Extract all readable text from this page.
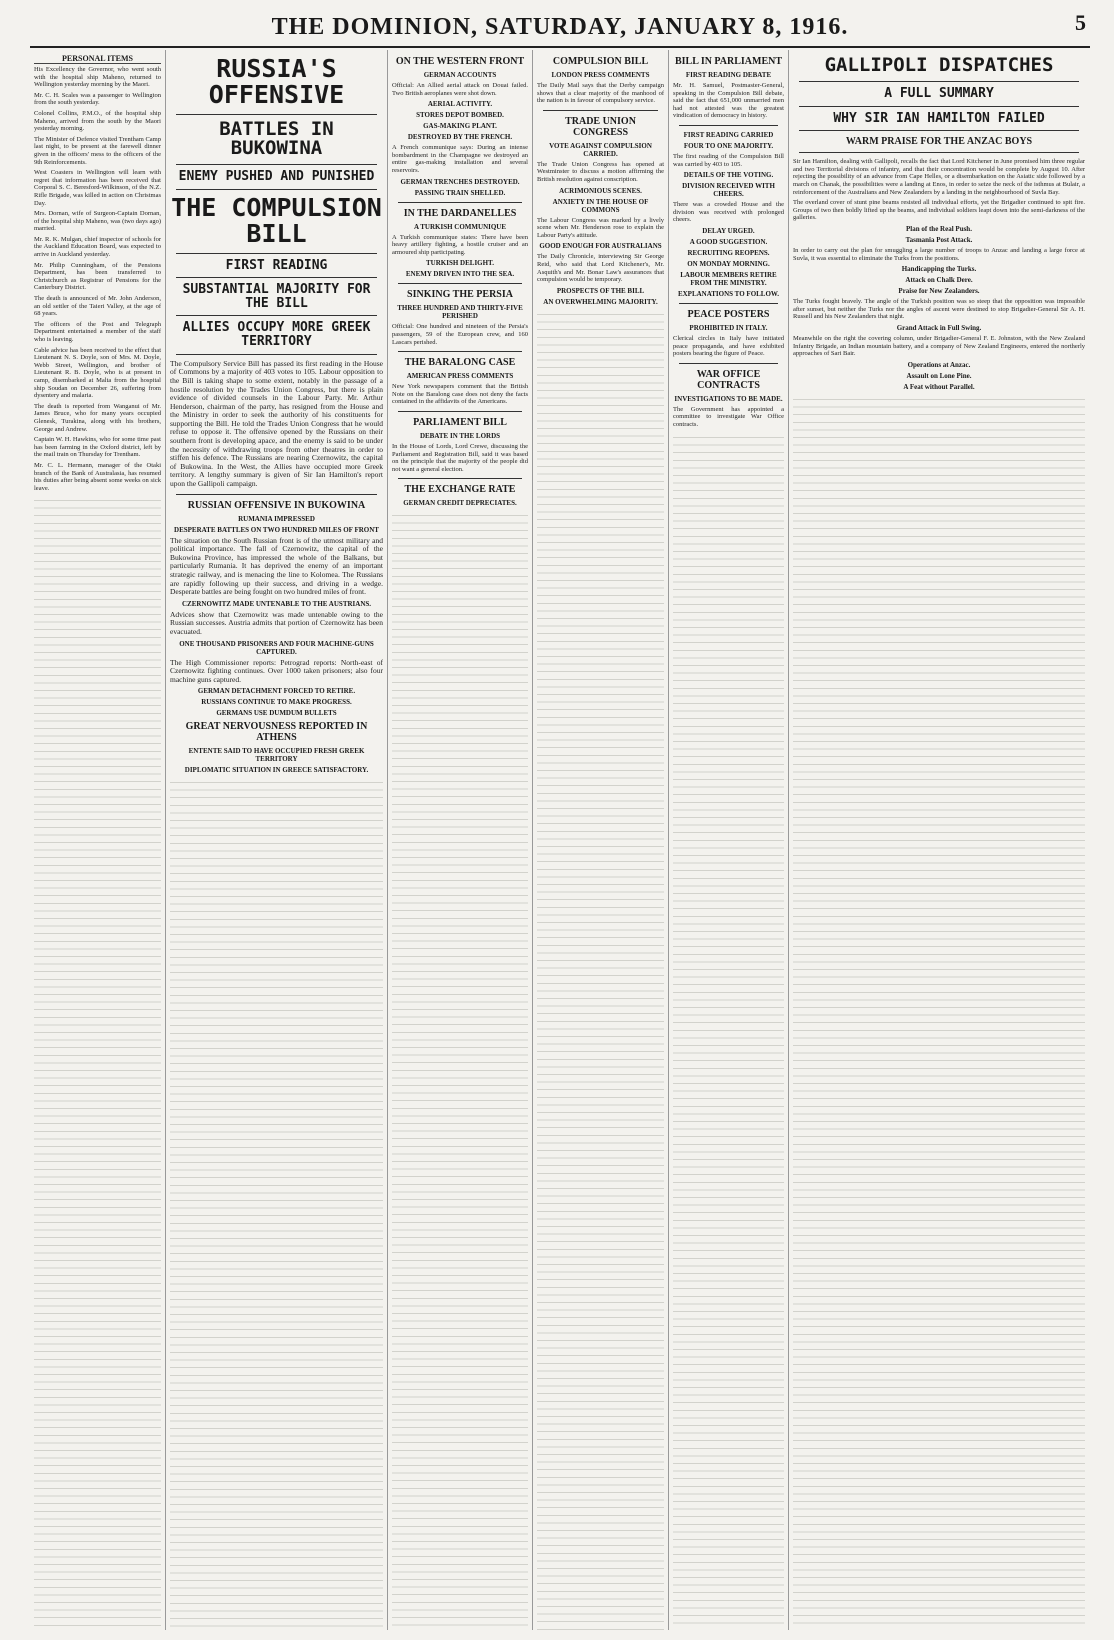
THE DOMINION, SATURDAY, JANUARY 8, 1916.	5
PERSONAL ITEMS

His Excellency the Governor, who went south with the hospital ship Maheno, returned to Wellington yesterday morning by the Maori.

Mr. C. H. Scales was a passenger to Wellington from the south yesterday.

Colonel Collins, P.M.O., of the hospital ship Maheno, arrived from the south by the Maori yesterday morning.

The Minister of Defence visited Trentham Camp last night, to be present at the farewell dinner given in the officers' mess to the officers of the 9th Reinforcements.

West Coasters in Wellington will learn with regret that information has been received that Corporal S. C. Beresford-Wilkinson, of the N.Z. Rifle Brigade, was killed in action on Christmas Day.

Mrs. Dornan, wife of Surgeon-Captain Dornan, of the hospital ship Maheno, was (two days ago) married.

Mr. R. K. Mulgan, chief inspector of schools for the Auckland Education Board, was expected to arrive in Auckland yesterday.

Mr. Philip Cunningham, of the Pensions Department, has been transferred to Christchurch as Registrar of Pensions for the Canterbury District.

The death is announced of Mr. John Anderson, an old settler of the Taieri Valley, at the age of 68 years.

The officers of the Post and Telegraph Department entertained a member of the staff who is leaving.

Cable advice has been received to the effect that Lieutenant N. S. Doyle, son of Mrs. M. Doyle, Webb Street, Wellington, and brother of Lieutenant R. B. Doyle, who is at present in camp, disembarked at Malta from the hospital ship Soudan on December 26, suffering from dysentery and malaria.

The death is reported from Wanganui of Mr. James Bruce, who for many years occupied Glenesk, Turakina, along with his brothers, George and Andrew.

Captain W. H. Hawkins, who for some time past has been farming in the Oxford district, left by the mail train on Thursday for Trentham.

Mr. C. L. Hermann, manager of the Otaki branch of the Bank of Australasia, has resumed his duties after being absent some weeks on sick leave.

RUSSIA'S OFFENSIVE
BATTLES IN BUKOWINA
ENEMY PUSHED AND PUNISHED
THE COMPULSION BILL
FIRST READING
SUBSTANTIAL MAJORITY FOR THE BILL
ALLIES OCCUPY MORE GREEK TERRITORY

The Compulsory Service Bill has passed its first reading in the House of Commons by a majority of 403 votes to 105. Labour opposition to the Bill is taking shape to some extent, notably in the passage of a hostile resolution by the Trades Union Congress, but there is plain evidence of divided counsels in the Labour Party. Mr. Arthur Henderson, chairman of the party, has resigned from the House and the Ministry in order to seek the authority of his constituents for supporting the Bill. He told the Trades Union Congress that he would refuse to oppose it. The offensive opened by the Russians on their southern front is developing apace, and the enemy is said to be under the necessity of withdrawing troops from other theatres in order to stiffen his defence. The Russians are nearing Czernowitz, the capital of Bukowina. In the West, the Allies have occupied more Greek territory. A lengthy summary is given of Sir Ian Hamilton's report upon the Gallipoli campaign.

RUSSIAN OFFENSIVE IN BUKOWINA
RUMANIA IMPRESSED
DESPERATE BATTLES ON TWO HUNDRED MILES OF FRONT

The situation on the South Russian front is of the utmost military and political importance. The fall of Czernowitz, the capital of the Bukowina Province, has impressed the whole of the Balkans, but particularly Rumania. It has deprived the enemy of an important strategic railway, and is menacing the line to Kolomea. The Russians are rapidly following up their success, and driving in a wedge. Desperate battles are being fought on two hundred miles of front.

CZERNOWITZ MADE UNTENABLE TO THE AUSTRIANS.

Advices show that Czernowitz was made untenable owing to the Russian successes. Austria admits that portion of Czernowitz has been evacuated.

ONE THOUSAND PRISONERS AND FOUR MACHINE-GUNS CAPTURED.

The High Commissioner reports: Petrograd reports: North-east of Czernowitz fighting continues. Over 1000 taken prisoners; also four machine guns captured.

GERMAN DETACHMENT FORCED TO RETIRE.
RUSSIANS CONTINUE TO MAKE PROGRESS.
GERMANS USE DUMDUM BULLETS
GREAT NERVOUSNESS REPORTED IN ATHENS
ENTENTE SAID TO HAVE OCCUPIED FRESH GREEK TERRITORY
DIPLOMATIC SITUATION IN GREECE SATISFACTORY.
ON THE WESTERN FRONT
GERMAN ACCOUNTS

Official: An Allied aerial attack on Douai failed. Two British aeroplanes were shot down.

AERIAL ACTIVITY.
STORES DEPOT BOMBED.
GAS-MAKING PLANT.
DESTROYED BY THE FRENCH.

A French communique says: During an intense bombardment in the Champagne we destroyed an entire gas-making installation and several reservoirs.

GERMAN TRENCHES DESTROYED.
PASSING TRAIN SHELLED.
IN THE DARDANELLES
A TURKISH COMMUNIQUE

A Turkish communique states: There have been heavy artillery fighting, a hostile cruiser and an armoured ship participating.

TURKISH DELIGHT.
ENEMY DRIVEN INTO THE SEA.
SINKING THE PERSIA
THREE HUNDRED AND THIRTY-FIVE PERISHED

Official: One hundred and nineteen of the Persia's passengers, 59 of the European crew, and 160 Lascars perished.

THE BARALONG CASE
AMERICAN PRESS COMMENTS

New York newspapers comment that the British Note on the Baralong case does not deny the facts contained in the affidavits of the Americans.

PARLIAMENT BILL
DEBATE IN THE LORDS

In the House of Lords, Lord Crewe, discussing the Parliament and Registration Bill, said it was based on the principle that the majority of the people did not want a general election.

THE EXCHANGE RATE
GERMAN CREDIT DEPRECIATES.
COMPULSION BILL
LONDON PRESS COMMENTS

The Daily Mail says that the Derby campaign shows that a clear majority of the manhood of the nation is in favour of compulsory service.

TRADE UNION CONGRESS
VOTE AGAINST COMPULSION CARRIED.

The Trade Union Congress has opened at Westminster to discuss a motion affirming the British resolution against conscription.

ACRIMONIOUS SCENES.
ANXIETY IN THE HOUSE OF COMMONS

The Labour Congress was marked by a lively scene when Mr. Henderson rose to explain the Labour Party's attitude.

GOOD ENOUGH FOR AUSTRALIANS

The Daily Chronicle, interviewing Sir George Reid, who said that Lord Kitchener's, Mr. Asquith's and Mr. Bonar Law's assurances that compulsion would be temporary.

PROSPECTS OF THE BILL
AN OVERWHELMING MAJORITY.
BILL IN PARLIAMENT
FIRST READING DEBATE

Mr. H. Samuel, Postmaster-General, speaking in the Compulsion Bill debate, said the fact that 651,000 unmarried men had not attested was the greatest vindication of democracy in history.

FIRST READING CARRIED
FOUR TO ONE MAJORITY.

The first reading of the Compulsion Bill was carried by 403 to 105.

DETAILS OF THE VOTING.
DIVISION RECEIVED WITH CHEERS.

There was a crowded House and the division was received with prolonged cheers.

DELAY URGED.
A GOOD SUGGESTION.
RECRUITING REOPENS.
ON MONDAY MORNING.
LABOUR MEMBERS RETIRE FROM THE MINISTRY.
EXPLANATIONS TO FOLLOW.
PEACE POSTERS
PROHIBITED IN ITALY.

Clerical circles in Italy have initiated peace propaganda, and have exhibited posters bearing the figure of Peace.

WAR OFFICE CONTRACTS
INVESTIGATIONS TO BE MADE.

The Government has appointed a committee to investigate War Office contracts.

GALLIPOLI DISPATCHES
A FULL SUMMARY
WHY SIR IAN HAMILTON FAILED
WARM PRAISE FOR THE ANZAC BOYS

Sir Ian Hamilton, dealing with Gallipoli, recalls the fact that Lord Kitchener in June promised him three regular and two Territorial divisions of infantry, and that their concentration would be complete by August 10. After rejecting the possibility of an advance from Cape Helles, or a disembarkation on the Asiatic side followed by a march on Chanak, the possibilities were a landing at Enos, in order to seize the neck of the isthmus at Bulair, a reinforcement of the Australians and New Zealanders by a landing in the neighbourhood of Suvla Bay.

The overland cover of stunt pine beams resisted all individual efforts, yet the Brigadier continued to spit fire. Groups of two then boldly lifted up the beams, and individual soldiers leapt down into the semi-darkness of the galleries.

Plan of the Real Push.
Tasmania Post Attack.

In order to carry out the plan for smuggling a large number of troops to Anzac and landing a large force at Suvla, it was essential to eliminate the Turks from the positions.

Handicapping the Turks.
Attack on Chalk Dere.
Praise for New Zealanders.

The Turks fought bravely. The angle of the Turkish position was so steep that the opposition was impossible after sunset, but neither the Turks nor the angles of ascent were destined to stop Brigadier-General Sir A. H. Russell and his New Zealanders that night.

Grand Attack in Full Swing.

Meanwhile on the right the covering column, under Brigadier-General F. E. Johnston, with the New Zealand Infantry Brigade, an Indian mountain battery, and a company of New Zealand Engineers, entered the northerly approaches of Sari Bair.

Operations at Anzac.
Assault on Lone Pine.
A Feat without Parallel.
